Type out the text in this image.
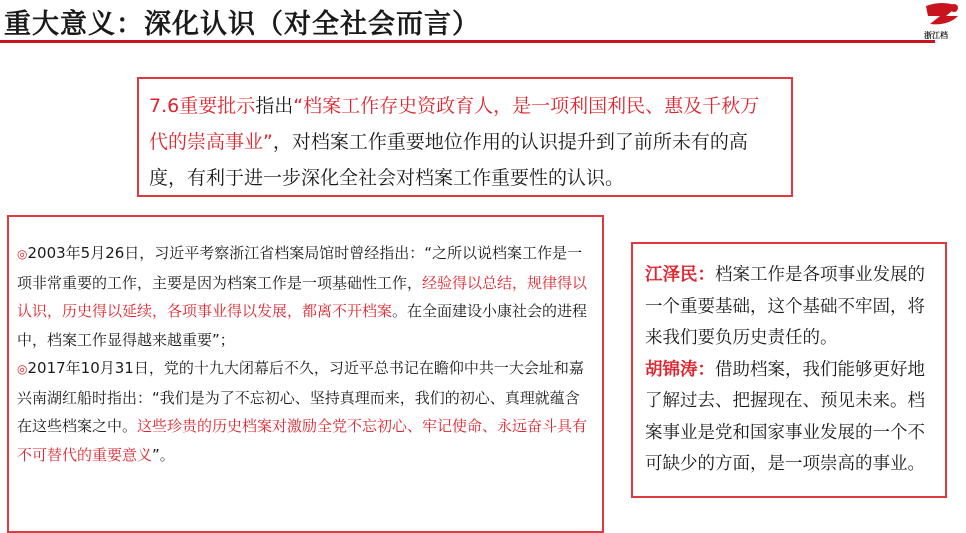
重大意义：深化认识（对全社会而言）	浙江档

7.6重要批示指出“档案工作存史资政育人，是一项利国利民、惠及千秋万代的崇高事业”，对档案工作重要地位作用的认识提升到了前所未有的高度，有利于进一步深化全社会对档案工作重要性的认识。

◎2003年5月26日，习近平考察浙江省档案局馆时曾经指出：“之所以说档案工作是一项非常重要的工作，主要是因为档案工作是一项基础性工作，经验得以总结，规律得以认识，历史得以延续，各项事业得以发展，都离不开档案。在全面建设小康社会的进程中，档案工作显得越来越重要”；

◎2017年10月31日，党的十九大闭幕后不久，习近平总书记在瞻仰中共一大会址和嘉兴南湖红船时指出：“我们是为了不忘初心、坚持真理而来，我们的初心、真理就蕴含在这些档案之中。这些珍贵的历史档案对激励全党不忘初心、牢记使命、永远奋斗具有不可替代的重要意义”。

江泽民：档案工作是各项事业发展的一个重要基础，这个基础不牢固，将来我们要负历史责任的。

胡锦涛：借助档案，我们能够更好地了解过去、把握现在、预见未来。档案事业是党和国家事业发展的一个不可缺少的方面，是一项崇高的事业。
